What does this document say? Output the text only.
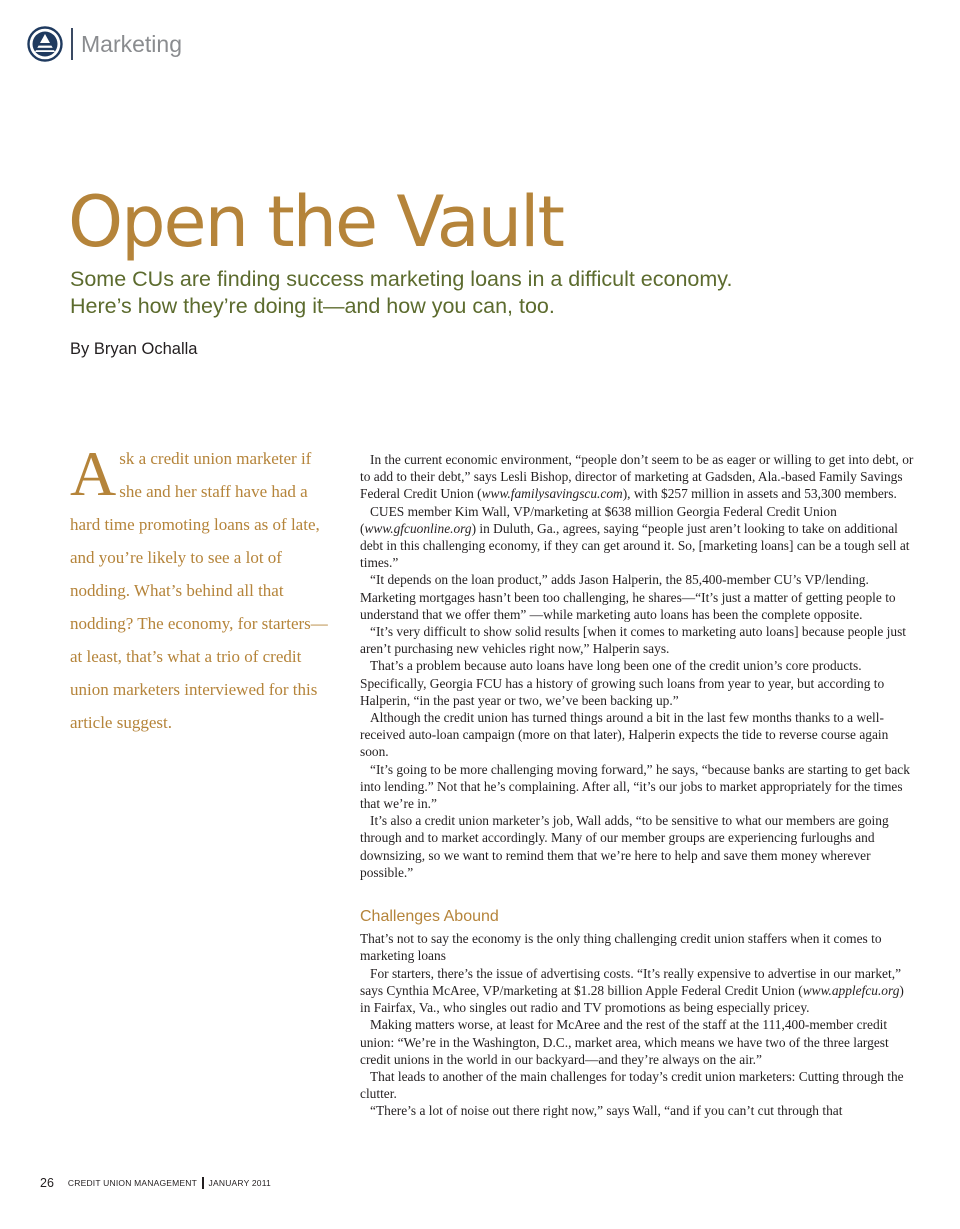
Marketing
Open the Vault

Some CUs are finding success marketing loans in a difficult economy.
Here’s how they’re doing it—and how you can, too.

By Bryan Ochalla
A sk a credit union marketer if she and her staff have had a hard time promoting loans as of late, and you’re likely to see a lot of nodding. What’s behind all that nodding? The economy, for starters—at least, that’s what a trio of credit union marketers interviewed for this article suggest.

In the current economic environment, “people don’t seem to be as eager or willing to get into debt, or to add to their debt,” says Lesli Bishop, director of marketing at Gadsden, Ala.-based Family Savings Federal Credit Union (www.familysavingscu.com), with $257 million in assets and 53,300 members.

CUES member Kim Wall, VP/marketing at $638 million Georgia Federal Credit Union (www.gfcuonline.org) in Duluth, Ga., agrees, saying “people just aren’t looking to take on additional debt in this challenging economy, if they can get around it. So, [marketing loans] can be a tough sell at times.”

“It depends on the loan product,” adds Jason Halperin, the 85,400-member CU’s VP/lending. Marketing mortgages hasn’t been too challenging, he shares—“It’s just a matter of getting people to understand that we offer them” —while marketing auto loans has been the complete opposite.

“It’s very difficult to show solid results [when it comes to marketing auto loans] because people just aren’t purchasing new vehicles right now,” Halperin says.

That’s a problem because auto loans have long been one of the credit union’s core products. Specifically, Georgia FCU has a history of growing such loans from year to year, but according to Halperin, “in the past year or two, we’ve been backing up.”

Although the credit union has turned things around a bit in the last few months thanks to a well-received auto-loan campaign (more on that later), Halperin expects the tide to reverse course again soon.

“It’s going to be more challenging moving forward,” he says, “because banks are starting to get back into lending.” Not that he’s complaining. After all, “it’s our jobs to market appropriately for the times that we’re in.”

It’s also a credit union marketer’s job, Wall adds, “to be sensitive to what our members are going through and to market accordingly. Many of our member groups are experiencing furloughs and downsizing, so we want to remind them that we’re here to help and save them money wherever possible.”

Challenges Abound

That’s not to say the economy is the only thing challenging credit union staffers when it comes to marketing loans

For starters, there’s the issue of advertising costs. “It’s really expensive to advertise in our market,” says Cynthia McAree, VP/marketing at $1.28 billion Apple Federal Credit Union (www.applefcu.org) in Fairfax, Va., who singles out radio and TV promotions as being especially pricey.

Making matters worse, at least for McAree and the rest of the staff at the 111,400-member credit union: “We’re in the Washington, D.C., market area, which means we have two of the three largest credit unions in the world in our backyard—and they’re always on the air.”

That leads to another of the main challenges for today’s credit union marketers: Cutting through the clutter.

“There’s a lot of noise out there right now,” says Wall, “and if you can’t cut through that

26 CREDIT UNION MANAGEMENT JANUARY 2011
